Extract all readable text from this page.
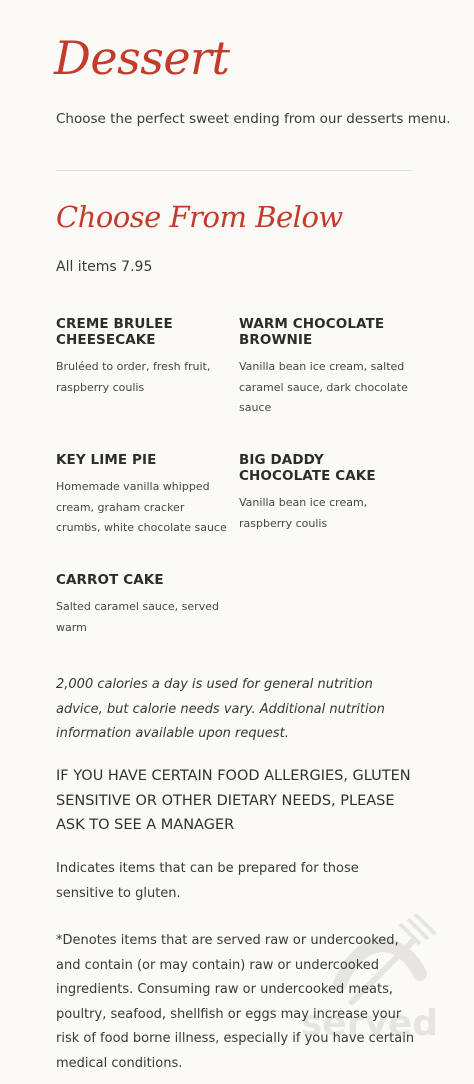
Dessert

Choose the perfect sweet ending from our desserts menu.

Choose From Below

All items 7.95

CREME BRULEE CHEESECAKE

Bruléed to order, fresh fruit, raspberry coulis

WARM CHOCOLATE BROWNIE

Vanilla bean ice cream, salted caramel sauce, dark chocolate sauce

KEY LIME PIE

Homemade vanilla whipped cream, graham cracker crumbs, white chocolate sauce

BIG DADDY CHOCOLATE CAKE

Vanilla bean ice cream, raspberry coulis

CARROT CAKE

Salted caramel sauce, served warm

2,000 calories a day is used for general nutrition advice, but calorie needs vary. Additional nutrition information available upon request.

IF YOU HAVE CERTAIN FOOD ALLERGIES, GLUTEN SENSITIVE OR OTHER DIETARY NEEDS, PLEASE ASK TO SEE A MANAGER

Indicates items that can be prepared for those sensitive to gluten.

*Denotes items that are served raw or undercooked, and contain (or may contain) raw or undercooked ingredients. Consuming raw or undercooked meats, poultry, seafood, shellfish or eggs may increase your risk of food borne illness, especially if you have certain medical conditions.

served
